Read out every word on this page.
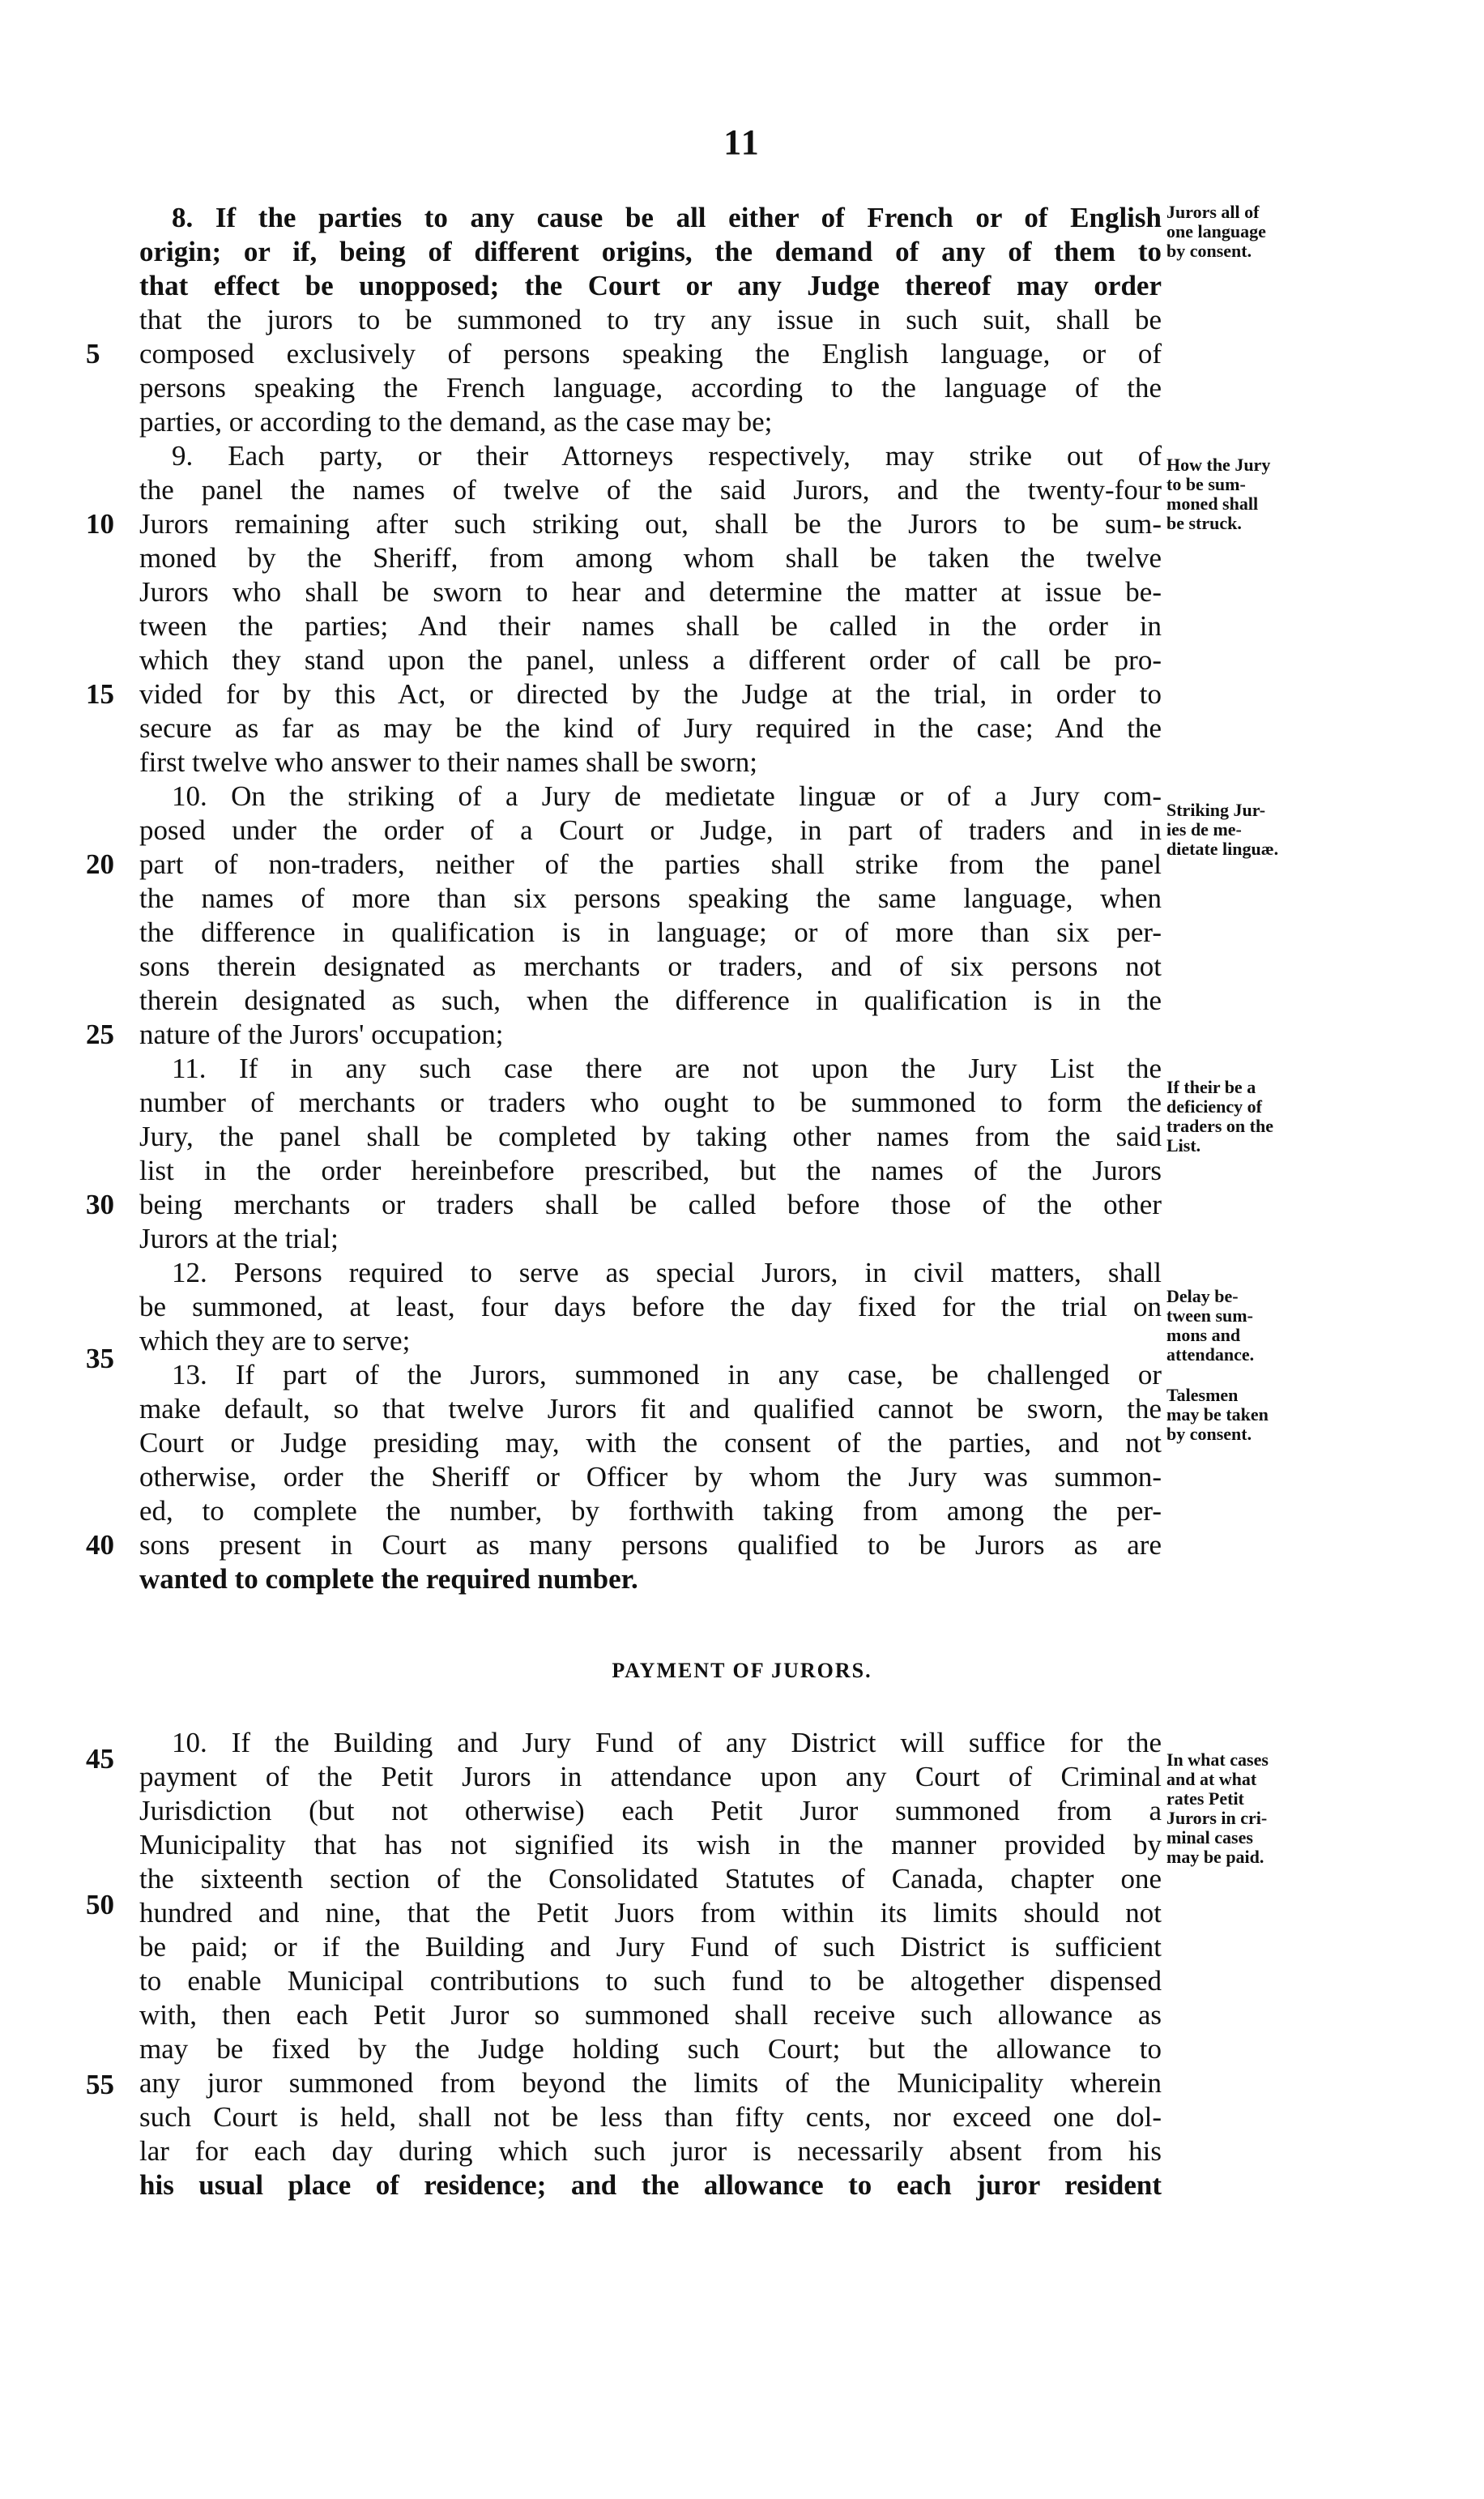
11
8. If the parties to any cause be all either of French or of English
origin; or if, being of different origins, the demand of any of them to
that effect be unopposed; the Court or any Judge thereof may order
that the jurors to be summoned to try any issue in such suit, shall be
composed exclusively of persons speaking the English language, or of
persons speaking the French language, according to the language of the
parties, or according to the demand, as the case may be;
9. Each party, or their Attorneys respectively, may strike out of
the panel the names of twelve of the said Jurors, and the twenty-four
Jurors remaining after such striking out, shall be the Jurors to be sum-
moned by the Sheriff, from among whom shall be taken the twelve
Jurors who shall be sworn to hear and determine the matter at issue be-
tween the parties; And their names shall be called in the order in
which they stand upon the panel, unless a different order of call be pro-
vided for by this Act, or directed by the Judge at the trial, in order to
secure as far as may be the kind of Jury required in the case; And the
first twelve who answer to their names shall be sworn;
10. On the striking of a Jury de medietate linguæ or of a Jury com-
posed under the order of a Court or Judge, in part of traders and in
part of non-traders, neither of the parties shall strike from the panel
the names of more than six persons speaking the same language, when
the difference in qualification is in language; or of more than six per-
sons therein designated as merchants or traders, and of six persons not
therein designated as such, when the difference in qualification is in the
nature of the Jurors' occupation;
11. If in any such case there are not upon the Jury List the
number of merchants or traders who ought to be summoned to form the
Jury, the panel shall be completed by taking other names from the said
list in the order hereinbefore prescribed, but the names of the Jurors
being merchants or traders shall be called before those of the other
Jurors at the trial;
12. Persons required to serve as special Jurors, in civil matters, shall
be summoned, at least, four days before the day fixed for the trial on
which they are to serve;
13. If part of the Jurors, summoned in any case, be challenged or
make default, so that twelve Jurors fit and qualified cannot be sworn, the
Court or Judge presiding may, with the consent of the parties, and not
otherwise, order the Sheriff or Officer by whom the Jury was summon-
ed, to complete the number, by forthwith taking from among the per-
sons present in Court as many persons qualified to be Jurors as are
wanted to complete the required number.
10. If the Building and Jury Fund of any District will suffice for the
payment of the Petit Jurors in attendance upon any Court of Criminal
Jurisdiction (but not otherwise) each Petit Juror summoned from a
Municipality that has not signified its wish in the manner provided by
the sixteenth section of the Consolidated Statutes of Canada, chapter one
hundred and nine, that the Petit Juors from within its limits should not
be paid; or if the Building and Jury Fund of such District is sufficient
to enable Municipal contributions to such fund to be altogether dispensed
with, then each Petit Juror so summoned shall receive such allowance as
may be fixed by the Judge holding such Court; but the allowance to
any juror summoned from beyond the limits of the Municipality wherein
such Court is held, shall not be less than fifty cents, nor exceed one dol-
lar for each day during which such juror is necessarily absent from his
his usual place of residence; and the allowance to each juror resident
5
10
15
20
25
30
35
40
45
50
55
PAYMENT OF JURORS.
Jurors all of
one language
by consent.
How the Jury
to be sum-
moned shall
be struck.
Striking Jur-
ies de me-
dietate linguæ.
If their be a
deficiency of
traders on the
List.
Delay be-
tween sum-
mons and
attendance.
Talesmen
may be taken
by consent.
In what cases
and at what
rates Petit
Jurors in cri-
minal cases
may be paid.
